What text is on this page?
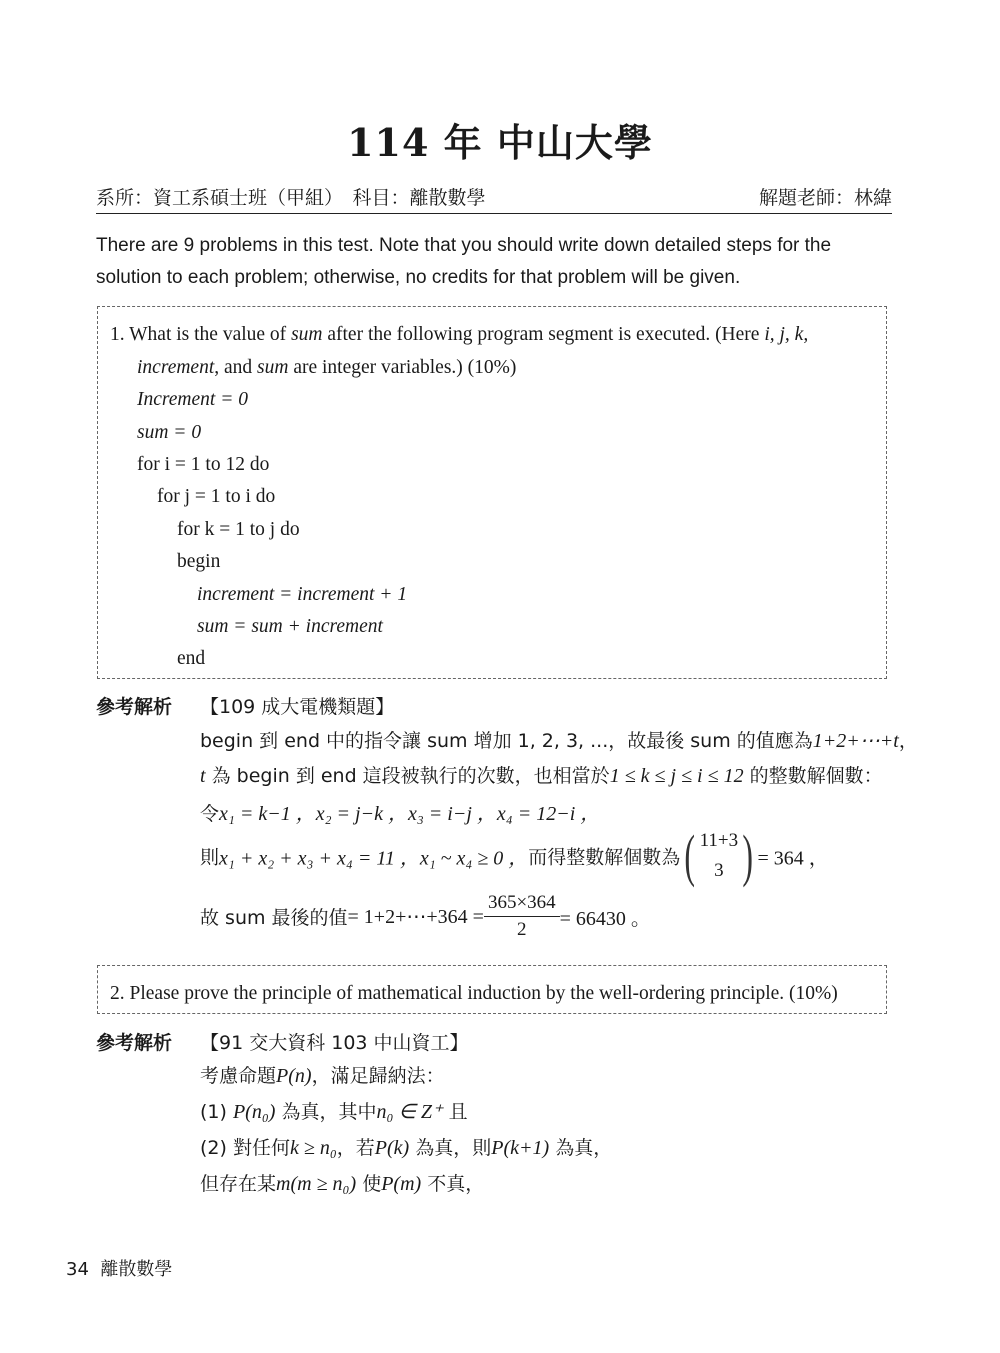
114 年 中山大學
系所：資工系碩士班（甲組）　科目：離散數學	解題老師：林緯
There are 9 problems in this test. Note that you should write down detailed steps for the
solution to each problem; otherwise, no credits for that problem will be given.
1. What is the value of sum after the following program segment is executed. (Here i, j, k,
increment, and sum are integer variables.) (10%)
Increment = 0
sum = 0
for i = 1 to 12 do
for j = 1 to i do
for k = 1 to j do
begin
increment = increment + 1
sum = sum + increment
end
參考解析 【109 成大電機類題】
begin 到 end 中的指令讓 sum 增加 1, 2, 3, ...，故最後 sum 的值應為1+2+⋯+t，
t 為 begin 到 end 這段被執行的次數，也相當於1 ≤ k ≤ j ≤ i ≤ 12 的整數解個數：
令x₁ = k−1 ，x₂ = j−k ，x₃ = i−j ，x₄ = 12−i ，
則x₁ + x₂ + x₃ + x₄ = 11 ，x₁ ~ x₄ ≥ 0 ，而得整數解個數為( 11+3
3 ) = 364 ，
故 sum 最後的值= 1+2+⋯+364 = $\frac{365\times 364}{2} = 66430$ 。
2. Please prove the principle of mathematical induction by the well-ordering principle. (10%)
參考解析 【91 交大資科 103 中山資工】
考慮命題P(n)，滿足歸納法：
(1) P(n₀) 為真，其中n₀ ∈ Z⁺ 且
(2) 對任何k ≥ n₀，若P(k) 為真，則P(k+1) 為真，
但存在某m(m ≥ n₀) 使P(m) 不真，
34 離散數學
